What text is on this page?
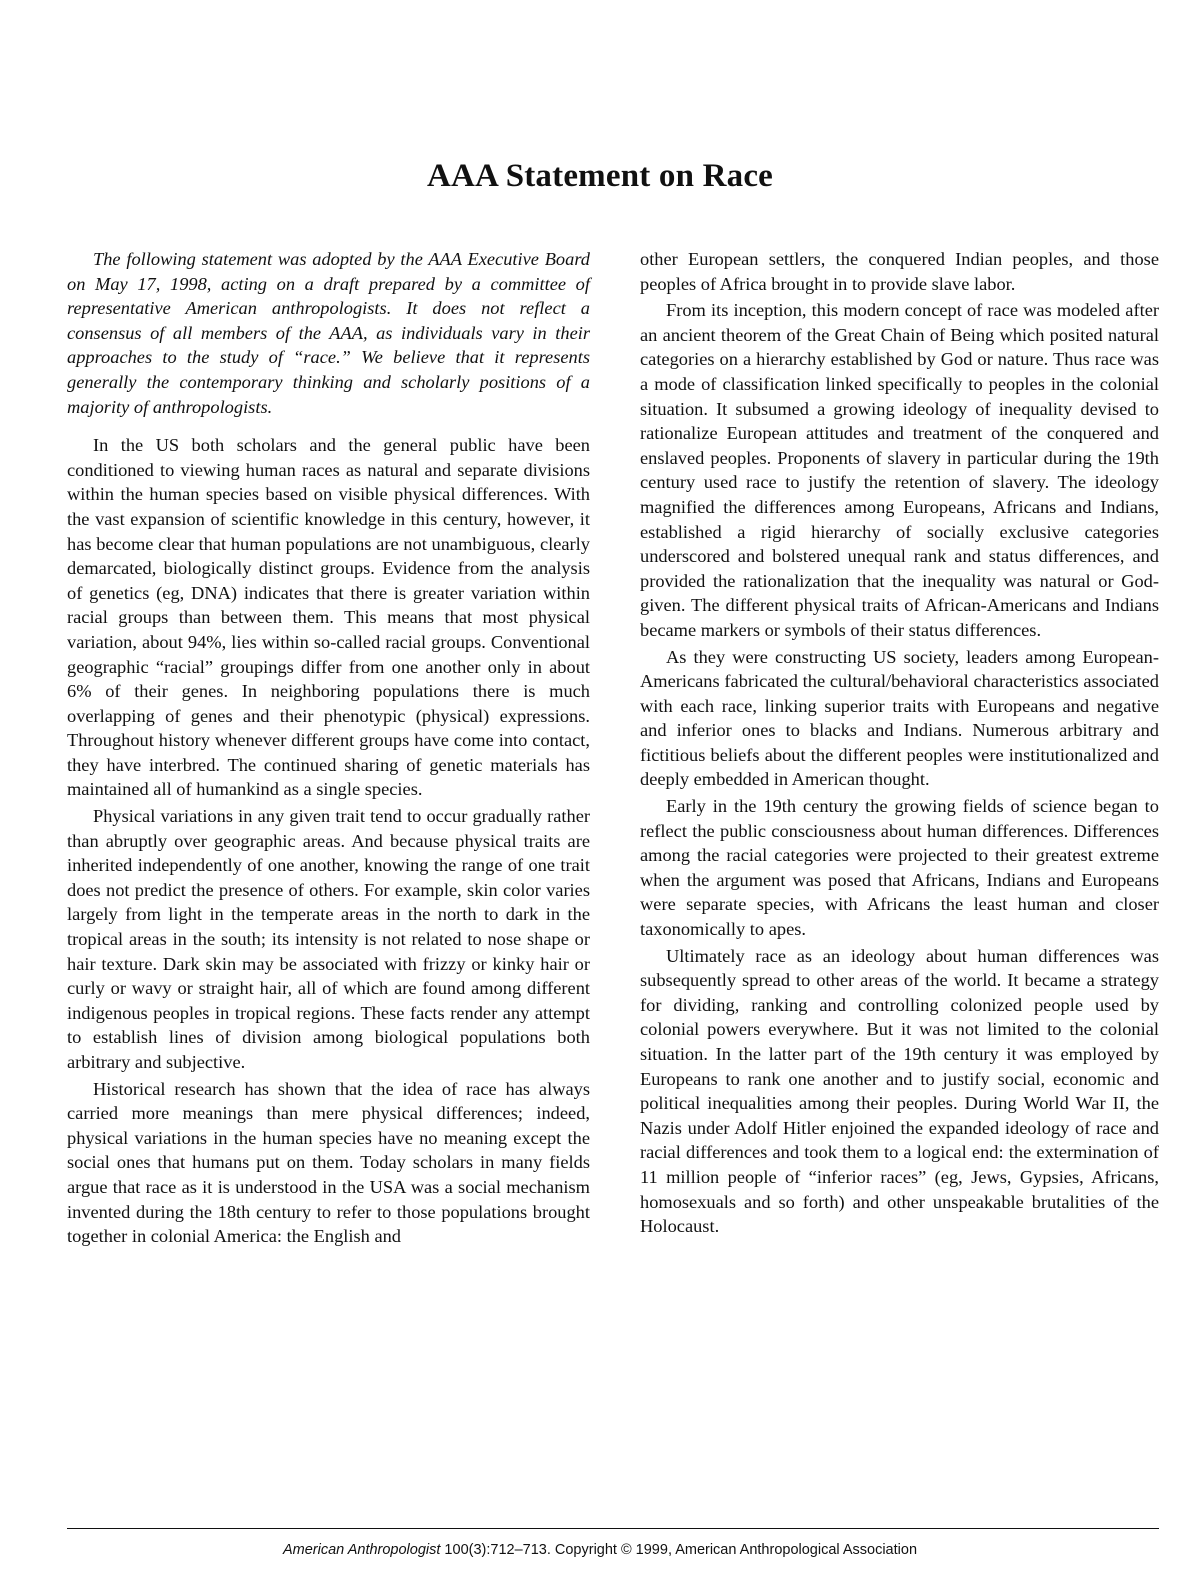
AAA Statement on Race

The following statement was adopted by the AAA Executive Board on May 17, 1998, acting on a draft prepared by a committee of representative American anthropologists. It does not reflect a consensus of all members of the AAA, as individuals vary in their approaches to the study of “race.” We believe that it represents generally the contemporary thinking and scholarly positions of a majority of anthropologists.

In the US both scholars and the general public have been conditioned to viewing human races as natural and separate divisions within the human species based on visible physical differences. With the vast expansion of scientific knowledge in this century, however, it has become clear that human populations are not unambiguous, clearly demarcated, biologically distinct groups. Evidence from the analysis of genetics (eg, DNA) indicates that there is greater variation within racial groups than between them. This means that most physical variation, about 94%, lies within so-called racial groups. Conventional geographic “racial” groupings differ from one another only in about 6% of their genes. In neighboring populations there is much overlapping of genes and their phenotypic (physical) expressions. Throughout history whenever different groups have come into contact, they have interbred. The continued sharing of genetic materials has maintained all of humankind as a single species.

Physical variations in any given trait tend to occur gradually rather than abruptly over geographic areas. And because physical traits are inherited independently of one another, knowing the range of one trait does not predict the presence of others. For example, skin color varies largely from light in the temperate areas in the north to dark in the tropical areas in the south; its intensity is not related to nose shape or hair texture. Dark skin may be associated with frizzy or kinky hair or curly or wavy or straight hair, all of which are found among different indigenous peoples in tropical regions. These facts render any attempt to establish lines of division among biological populations both arbitrary and subjective.

Historical research has shown that the idea of race has always carried more meanings than mere physical differences; indeed, physical variations in the human species have no meaning except the social ones that humans put on them. Today scholars in many fields argue that race as it is understood in the USA was a social mechanism invented during the 18th century to refer to those populations brought together in colonial America: the English and

other European settlers, the conquered Indian peoples, and those peoples of Africa brought in to provide slave labor.

From its inception, this modern concept of race was modeled after an ancient theorem of the Great Chain of Being which posited natural categories on a hierarchy established by God or nature. Thus race was a mode of classification linked specifically to peoples in the colonial situation. It subsumed a growing ideology of inequality devised to rationalize European attitudes and treatment of the conquered and enslaved peoples. Proponents of slavery in particular during the 19th century used race to justify the retention of slavery. The ideology magnified the differences among Europeans, Africans and Indians, established a rigid hierarchy of socially exclusive categories underscored and bolstered unequal rank and status differences, and provided the rationalization that the inequality was natural or God-given. The different physical traits of African-Americans and Indians became markers or symbols of their status differences.

As they were constructing US society, leaders among European-Americans fabricated the cultural/behavioral characteristics associated with each race, linking superior traits with Europeans and negative and inferior ones to blacks and Indians. Numerous arbitrary and fictitious beliefs about the different peoples were institutionalized and deeply embedded in American thought.

Early in the 19th century the growing fields of science began to reflect the public consciousness about human differences. Differences among the racial categories were projected to their greatest extreme when the argument was posed that Africans, Indians and Europeans were separate species, with Africans the least human and closer taxonomically to apes.

Ultimately race as an ideology about human differences was subsequently spread to other areas of the world. It became a strategy for dividing, ranking and controlling colonized people used by colonial powers everywhere. But it was not limited to the colonial situation. In the latter part of the 19th century it was employed by Europeans to rank one another and to justify social, economic and political inequalities among their peoples. During World War II, the Nazis under Adolf Hitler enjoined the expanded ideology of race and racial differences and took them to a logical end: the extermination of 11 million people of “inferior races” (eg, Jews, Gypsies, Africans, homosexuals and so forth) and other unspeakable brutalities of the Holocaust.

American Anthropologist 100(3):712–713. Copyright © 1999, American Anthropological Association
